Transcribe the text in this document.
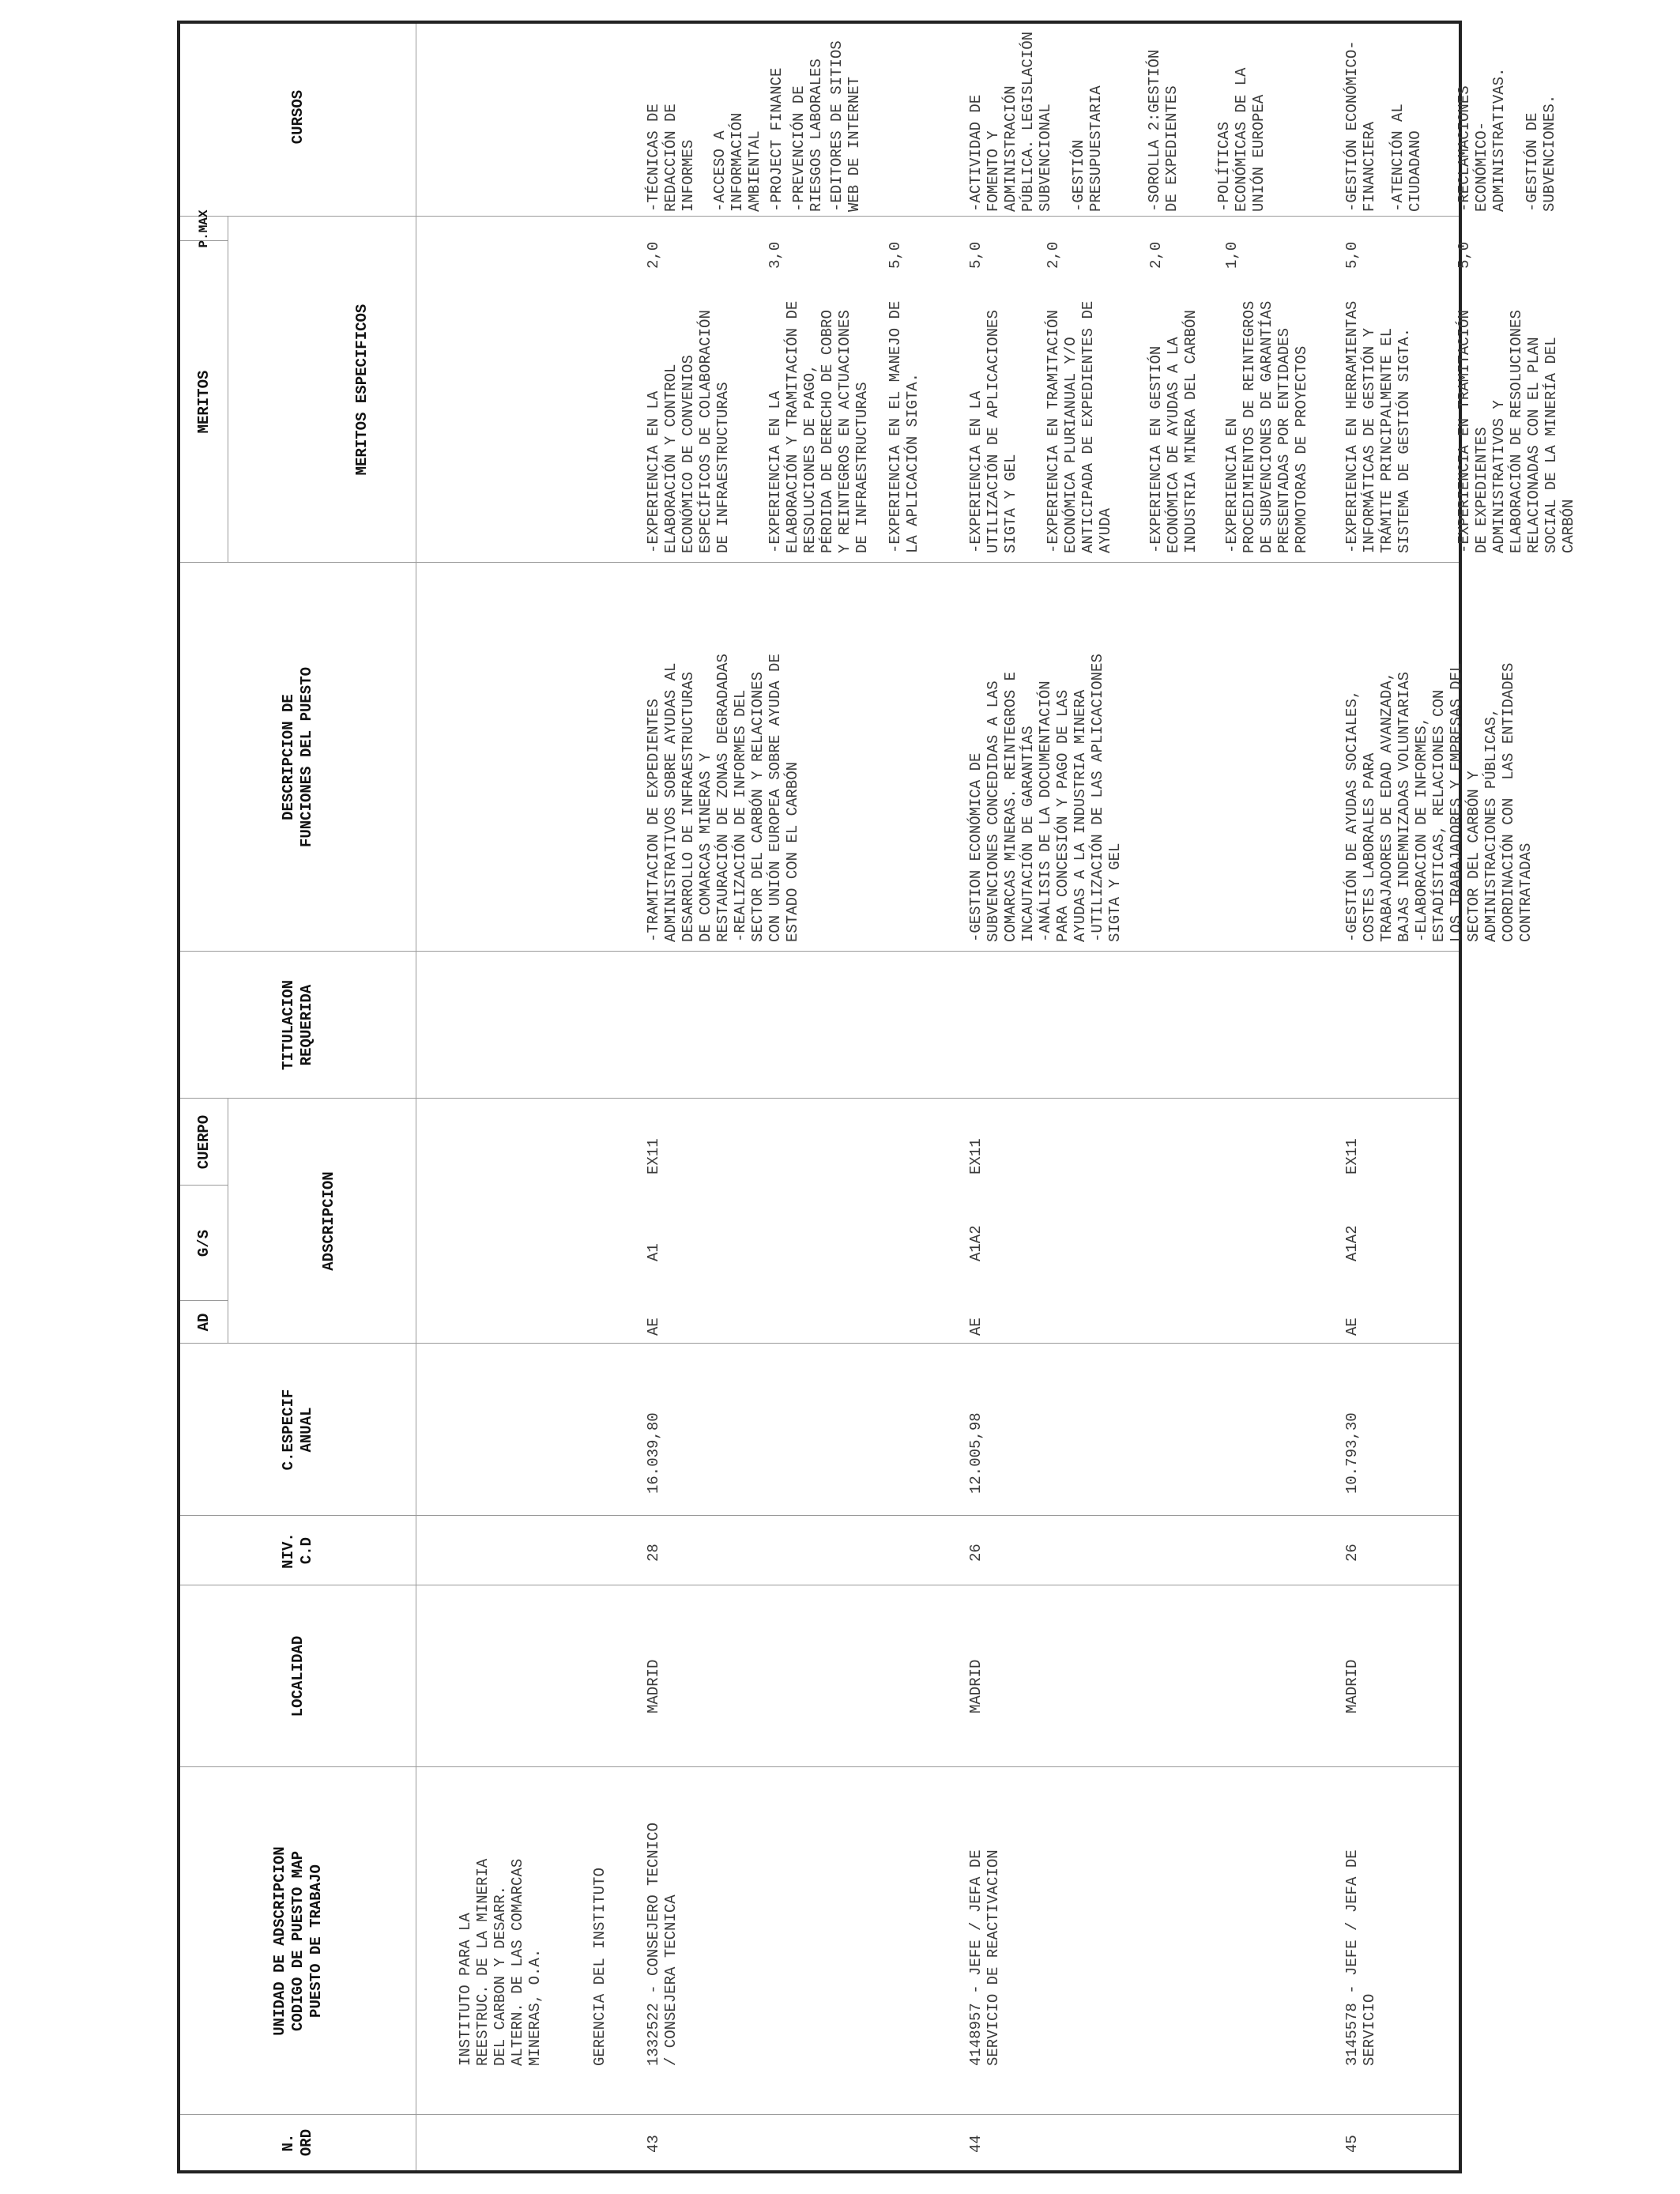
N.
ORD
UNIDAD DE ADSCRIPCION
CODIGO DE PUESTO MAP
PUESTO DE TRABAJO
LOCALIDAD
NIV.
C.D
C.ESPECIF
ANUAL
ADSCRIPCION
AD
G/S
CUERPO
TITULACION
REQUERIDA
DESCRIPCION DE
FUNCIONES DEL PUESTO
MERITOS ESPECIFICOS
MERITOS
P.MAX
CURSOS
INSTITUTO PARA LA
REESTRUC. DE LA MINERIA
DEL CARBON Y DESARR.
ALTERN. DE LAS COMARCAS
MINERAS, O.A.	GERENCIA DEL INSTITUTO
43
1332522 - CONSEJERO TECNICO
/ CONSEJERA TECNICA
MADRID
28
16.039,80
AE
A1
EX11
-TRAMITACION DE EXPEDIENTES
ADMINISTRATIVOS SOBRE AYUDAS AL
DESARROLLO DE INFRAESTRUCTURAS
DE COMARCAS MINERAS Y
RESTAURACIÓN DE ZONAS DEGRADADAS
-REALIZACIÓN DE INFORMES DEL
SECTOR DEL CARBÓN Y RELACIONES
CON UNIÓN EUROPEA SOBRE AYUDA DE
ESTADO CON EL CARBÓN
-EXPERIENCIA EN LA
ELABORACIÓN Y CONTROL
ECONÓMICO DE CONVENIOS
ESPECÍFICOS DE COLABORACIÓN
DE INFRAESTRUCTURAS
2,0
-EXPERIENCIA EN LA
ELABORACIÓN Y TRAMITACIÓN DE
RESOLUCIONES DE PAGO,
PÉRDIDA DE DERECHO DE COBRO
Y REINTEGROS EN ACTUACIONES
DE INFRAESTRUCTURAS
3,0
-EXPERIENCIA EN EL MANEJO DE
LA APLICACIÓN SIGTA.
5,0
-TÉCNICAS DE
REDACCIÓN DE
INFORMES -ACCESO A
INFORMACIÓN
AMBIENTAL -PROJECT FINANCE -PREVENCIÓN DE
RIESGOS LABORALES
-EDITORES DE SITIOS
WEB DE INTERNET
44
4148957 - JEFE / JEFA DE
SERVICIO DE REACTIVACION
MADRID
26
12.005,98
AE
A1A2
EX11
-GESTION ECONÓMICA DE
SUBVENCIONES CONCEDIDAS A LAS
COMARCAS MINERAS. REINTEGROS E
INCAUTACIÓN DE GARANTÍAS
-ANÁLISIS DE LA DOCUMENTACIÓN
PARA CONCESIÓN Y PAGO DE LAS
AYUDAS A LA INDUSTRIA MINERA
-UTILIZACIÓN DE LAS APLICACIONES
SIGTA Y GEL
-EXPERIENCIA EN LA
UTILIZACIÓN DE APLICACIONES
SIGTA Y GEL
5,0
-EXPERIENCIA EN TRAMITACIÓN
ECONÓMICA PLURIANUAL Y/O
ANTICIPADA DE EXPEDIENTES DE
AYUDA
2,0
-EXPERIENCIA EN GESTIÓN
ECONÓMICA DE AYUDAS A LA
INDUSTRIA MINERA DEL CARBÓN
2,0
-EXPERIENCIA EN
PROCEDIMIENTOS DE REINTEGROS
DE SUBVENCIONES DE GARANTÍAS
PRESENTADAS POR ENTIDADES
PROMOTORAS DE PROYECTOS
1,0
-ACTIVIDAD DE
FOMENTO Y
ADMINISTRACIÓN
PÚBLICA. LEGISLACIÓN
SUBVENCIONAL -GESTIÓN
PRESUPUESTARIA	-SOROLLA 2:GESTIÓN
DE EXPEDIENTES -POLÍTICAS
ECONÓMICAS DE LA
UNIÓN EUROPEA
45
3145578 - JEFE / JEFA DE
SERVICIO
MADRID
26
10.793,30
AE
A1A2
EX11
-GESTIÓN DE AYUDAS SOCIALES,
COSTES LABORALES PARA
TRABAJADORES DE EDAD AVANZADA,
BAJAS INDEMNIZADAS VOLUNTARIAS
-ELABORACION DE INFORMES,
ESTADÍSTICAS, RELACIONES CON
LOS TRABAJADORES Y EMPRESAS DEL
SECTOR DEL CARBÓN Y
ADMINISTRACIONES PÚBLICAS,
COORDINACIÓN CON  LAS ENTIDADES
CONTRATADAS
-EXPERIENCIA EN HERRAMIENTAS
INFORMÁTICAS DE GESTIÓN Y
TRÁMITE PRINCIPALMENTE EL
SISTEMA DE GESTIÓN SIGTA.
5,0
-EXPERIENCIA EN TRAMITACIÓN
DE EXPEDIENTES
ADMINISTRATIVOS Y
ELABORACIÓN DE RESOLUCIONES
RELACIONADAS CON EL PLAN
SOCIAL DE LA MINERÍA DEL
CARBÓN
5,0
-GESTIÓN ECONÓMICO-
FINANCIERA -ATENCIÓN AL
CIUDADANO -RECLAMACIONES
ECONÓMICO-
ADMINISTRATIVAS. -GESTIÓN DE
SUBVENCIONES.
